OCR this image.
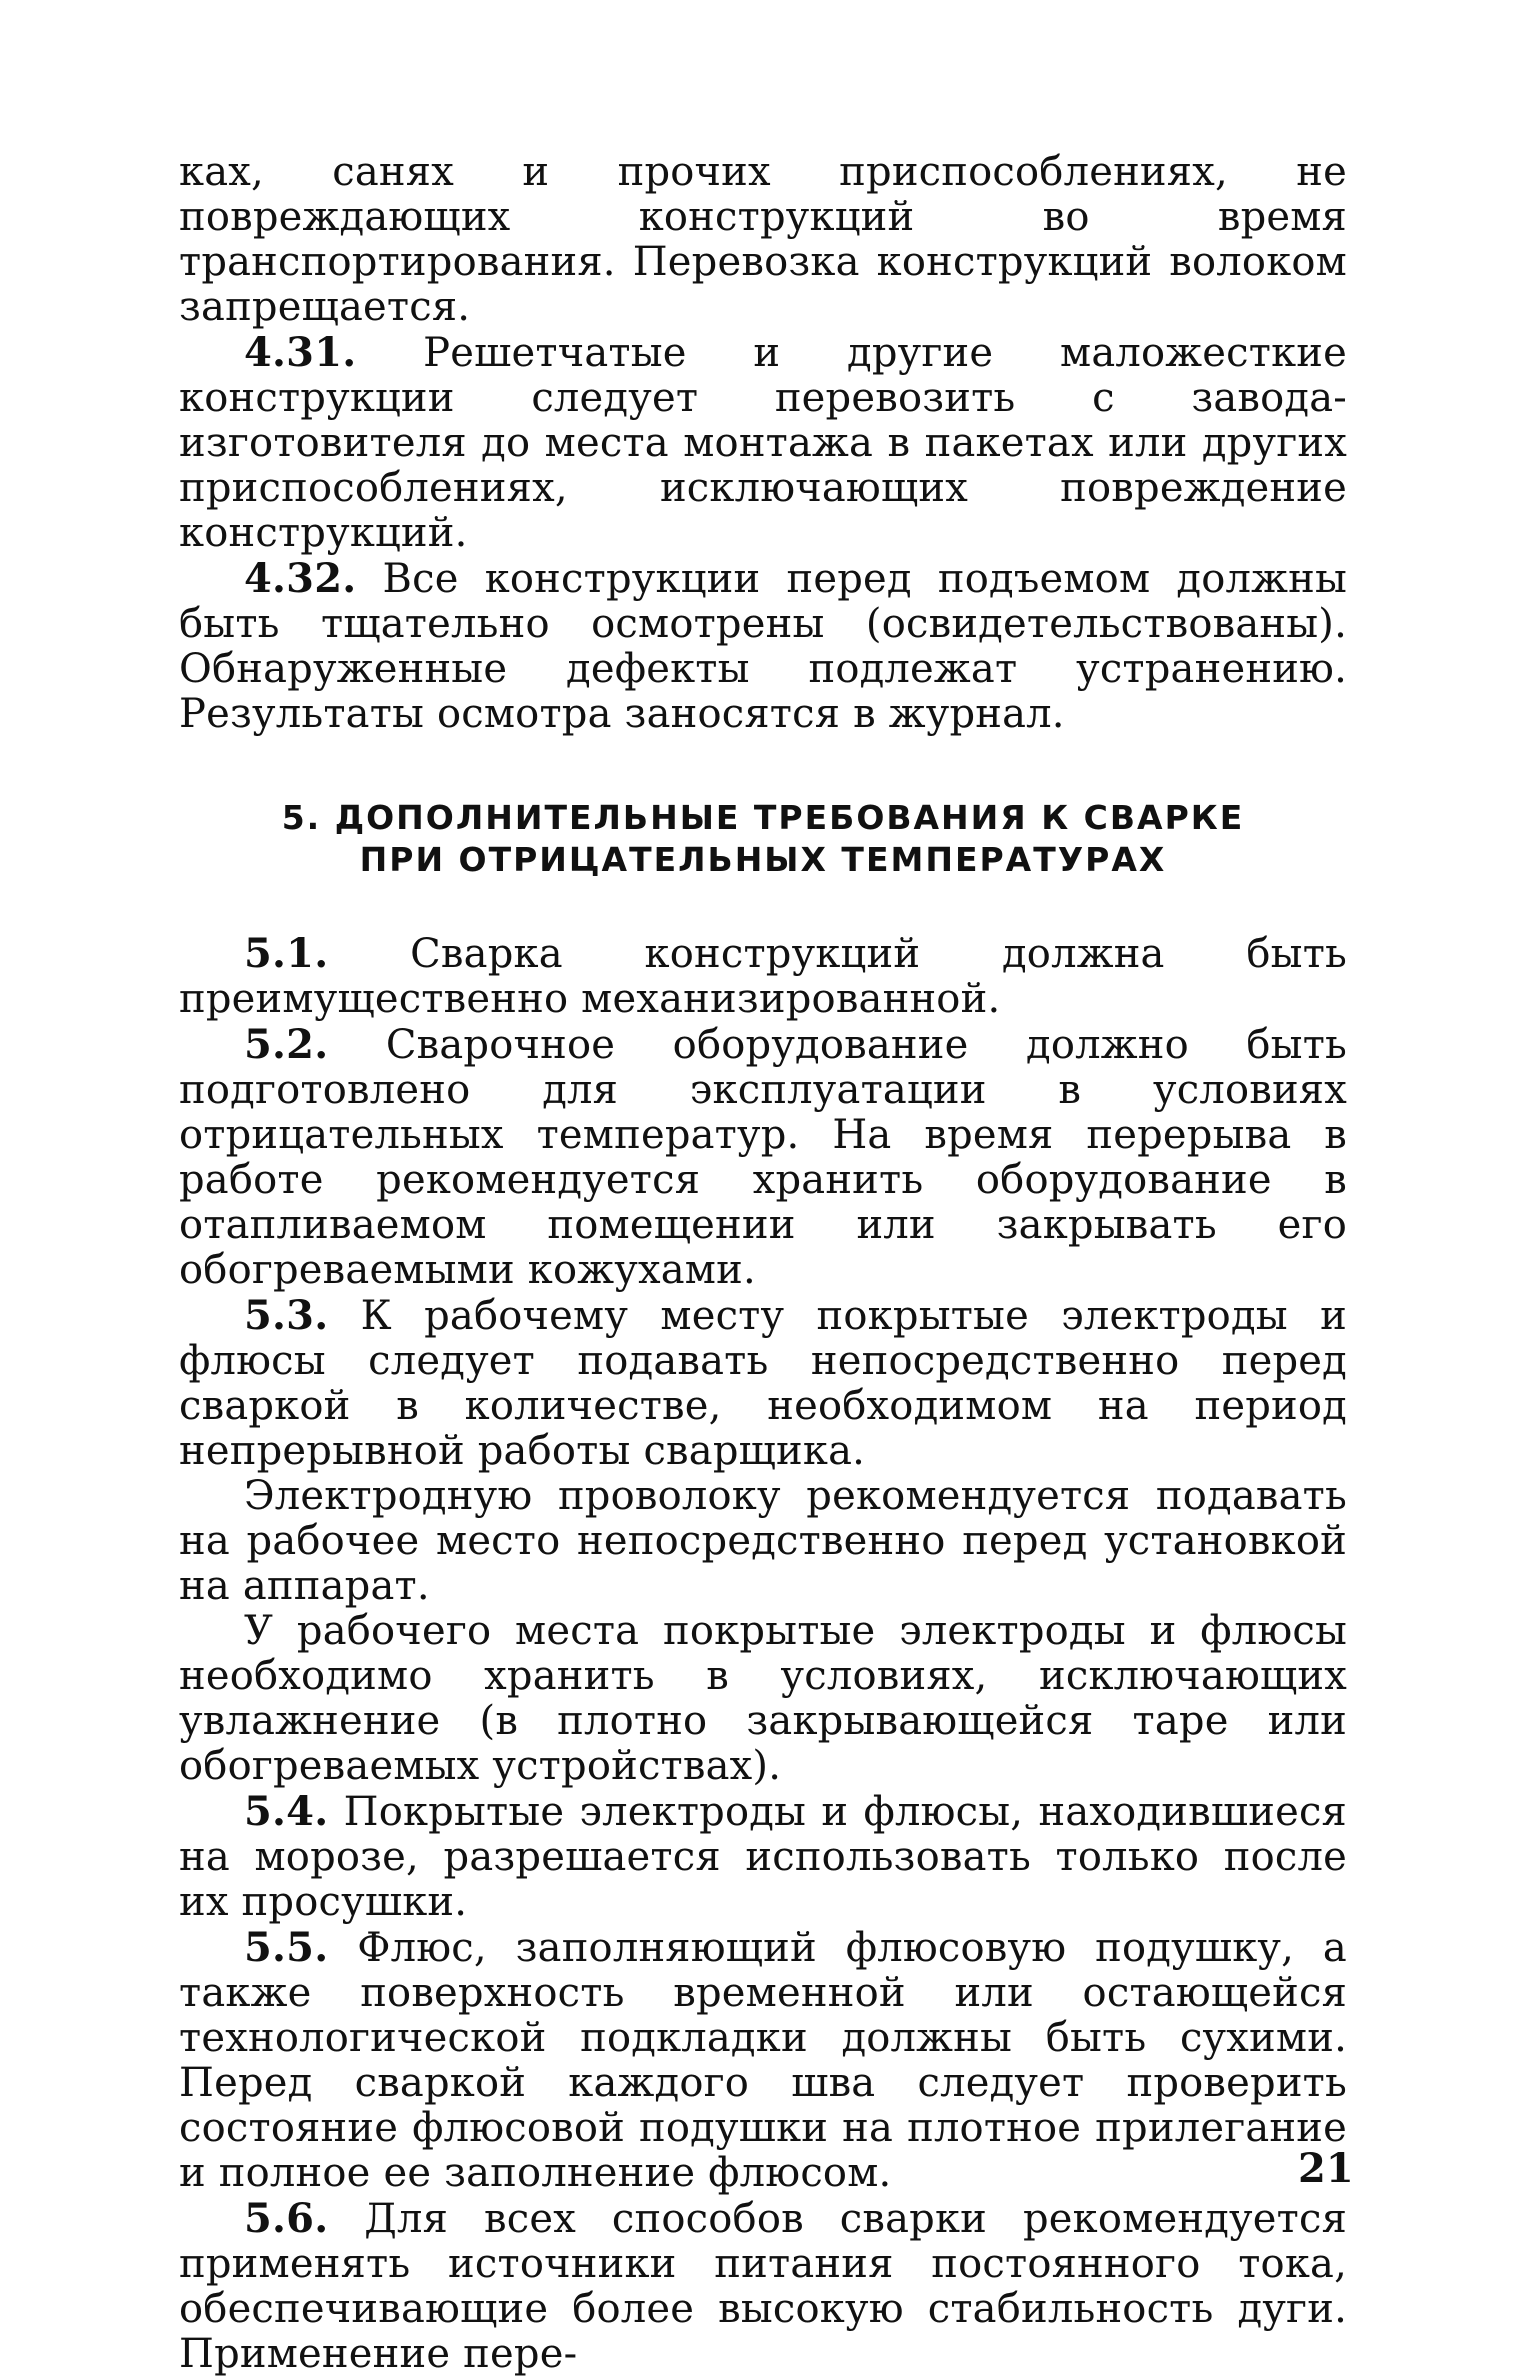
ках, санях и прочих приспособлениях, не повреждающих конструкций во время транспортирования. Перевозка конструкций волоком запрещается.

4.31. Решетчатые и другие маложесткие конструкции следует перевозить с завода-изготовителя до места монтажа в пакетах или других приспособлениях, исключающих повреждение конструкций.

4.32. Все конструкции перед подъемом должны быть тщательно осмотрены (освидетельствованы). Обнаруженные дефекты подлежат устранению. Результаты осмотра заносятся в журнал.

5. ДОПОЛНИТЕЛЬНЫЕ ТРЕБОВАНИЯ К СВАРКЕ

ПРИ ОТРИЦАТЕЛЬНЫХ ТЕМПЕРАТУРАХ

5.1. Сварка конструкций должна быть преимущественно механизированной.

5.2. Сварочное оборудование должно быть подготовлено для эксплуатации в условиях отрицательных температур. На время перерыва в работе рекомендуется хранить оборудование в отапливаемом помещении или закрывать его обогреваемыми кожухами.

5.3. К рабочему месту покрытые электроды и флюсы следует подавать непосредственно перед сваркой в количестве, необходимом на период непрерывной работы сварщика.

Электродную проволоку рекомендуется подавать на рабочее место непосредственно перед установкой на аппарат.

У рабочего места покрытые электроды и флюсы необходимо хранить в условиях, исключающих увлажнение (в плотно закрывающейся таре или обогреваемых устройствах).

5.4. Покрытые электроды и флюсы, находившиеся на морозе, разрешается использовать только после их просушки.

5.5. Флюс, заполняющий флюсовую подушку, а также поверхность временной или остающейся технологической подкладки должны быть сухими. Перед сваркой каждого шва следует проверить состояние флюсовой подушки на плотное прилегание и полное ее заполнение флюсом.

5.6. Для всех способов сварки рекомендуется применять источники питания постоянного тока, обеспечивающие более высокую стабильность дуги. Применение пере-

21
